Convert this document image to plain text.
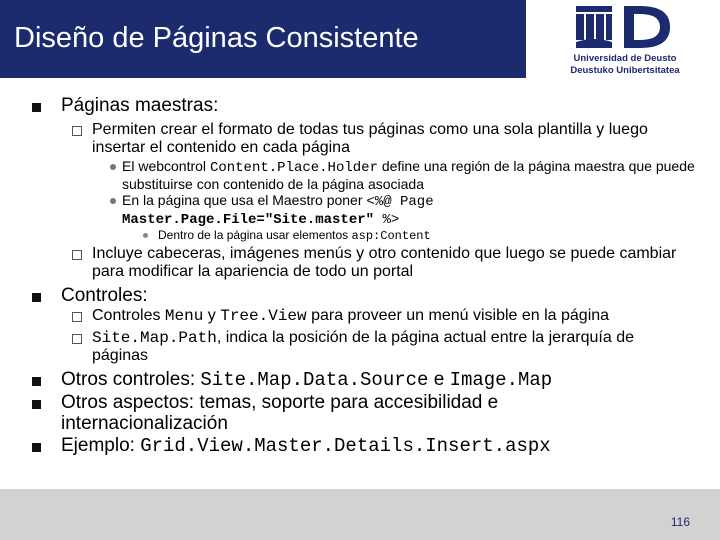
Diseño de Páginas Consistente
Universidad de Deusto
Deustuko Unibertsitatea
Páginas maestras:
Permiten crear el formato de todas tus páginas como una sola plantilla y luego insertar el contenido en cada página
El webcontrol Content.Place.Holder define una región de la página maestra que puede substituirse con contenido de la página asociada
En la página que usa el Maestro poner <%@ Page
Master.Page.File="Site.master" %>
Dentro de la página usar elementos asp:Content
Incluye cabeceras, imágenes menús y otro contenido que luego se puede cambiar para modificar la apariencia de todo un portal
Controles:
Controles Menu y Tree.View para proveer un menú visible en la página
Site.Map.Path, indica la posición de la página actual entre la jerarquía de páginas
Otros controles: Site.Map.Data.Source e Image.Map
Otros aspectos: temas, soporte para accesibilidad e internacionalización
Ejemplo: Grid.View.Master.Details.Insert.aspx
116
